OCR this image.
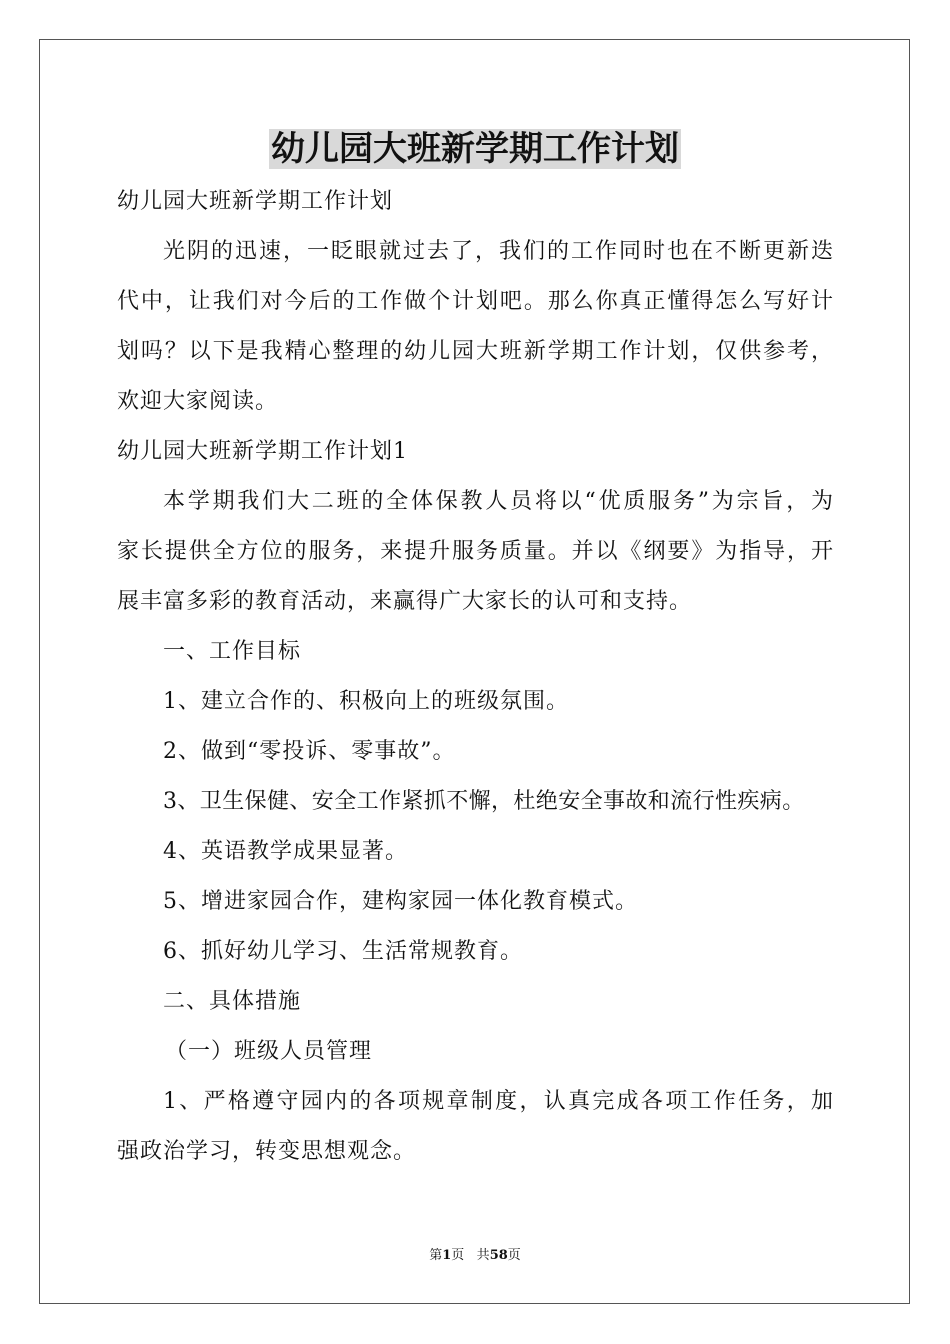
幼儿园大班新学期工作计划
幼儿园大班新学期工作计划
光阴的迅速，一眨眼就过去了，我们的工作同时也在不断更新迭
代中，让我们对今后的工作做个计划吧。那么你真正懂得怎么写好计
划吗？以下是我精心整理的幼儿园大班新学期工作计划，仅供参考，
欢迎大家阅读。
幼儿园大班新学期工作计划1
本学期我们大二班的全体保教人员将以“优质服务”为宗旨，为
家长提供全方位的服务，来提升服务质量。并以《纲要》为指导，开
展丰富多彩的教育活动，来赢得广大家长的认可和支持。
一、工作目标
1、建立合作的、积极向上的班级氛围。
2、做到“零投诉、零事故”。
3、卫生保健、安全工作紧抓不懈，杜绝安全事故和流行性疾病。
4、英语教学成果显著。
5、增进家园合作，建构家园一体化教育模式。
6、抓好幼儿学习、生活常规教育。
二、具体措施
（一）班级人员管理
1、严格遵守园内的各项规章制度，认真完成各项工作任务，加
强政治学习，转变思想观念。
第1页 共58页
